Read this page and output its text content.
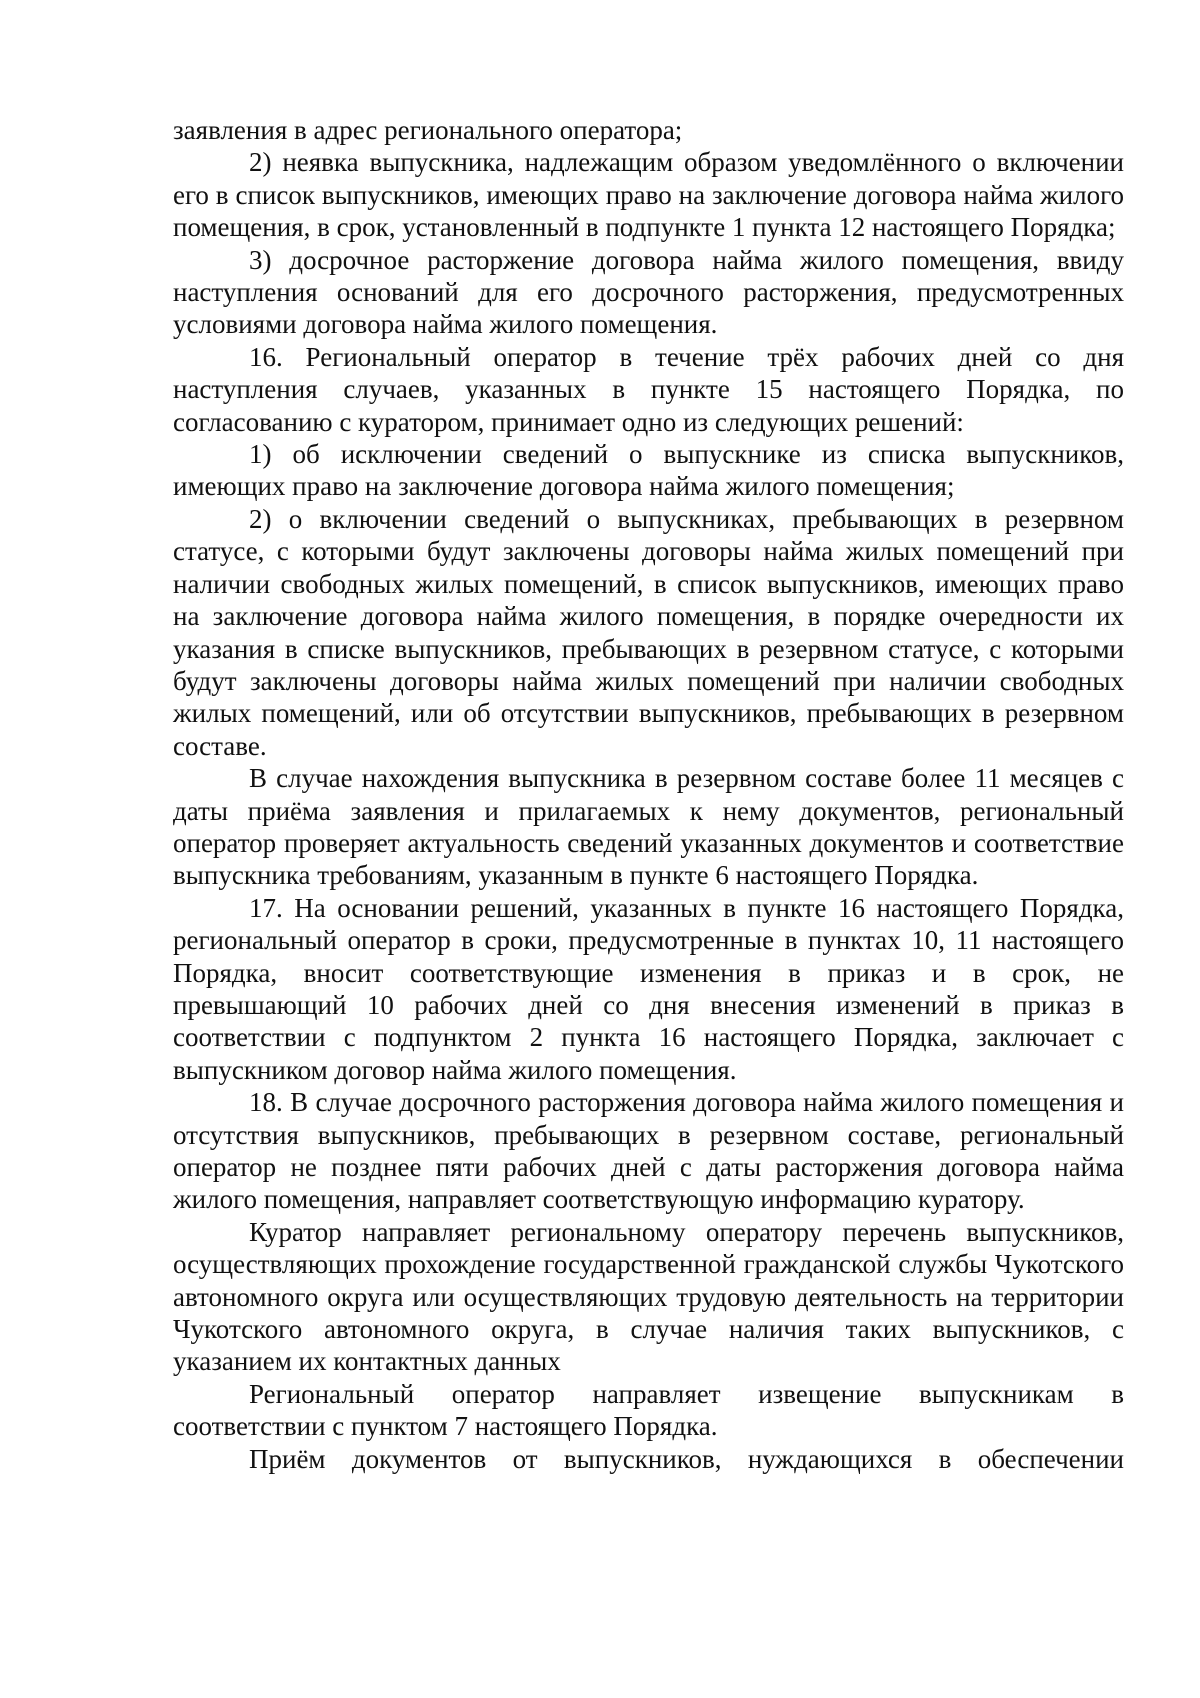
заявления в адрес регионального оператора;

2) неявка выпускника, надлежащим образом уведомлённого о включении его в список выпускников, имеющих право на заключение договора найма жилого помещения, в срок, установленный в подпункте 1 пункта 12 настоящего Порядка;

3) досрочное расторжение договора найма жилого помещения, ввиду наступления оснований для его досрочного расторжения, предусмотренных условиями договора найма жилого помещения.

16. Региональный оператор в течение трёх рабочих дней со дня наступления случаев, указанных в пункте 15 настоящего Порядка, по согласованию с куратором, принимает одно из следующих решений:

1) об исключении сведений о выпускнике из списка выпускников, имеющих право на заключение договора найма жилого помещения;

2) о включении сведений о выпускниках, пребывающих в резервном статусе, с которыми будут заключены договоры найма жилых помещений при наличии свободных жилых помещений, в список выпускников, имеющих право на заключение договора найма жилого помещения, в порядке очередности их указания в списке выпускников, пребывающих в резервном статусе, с которыми будут заключены договоры найма жилых помещений при наличии свободных жилых помещений, или об отсутствии выпускников, пребывающих в резервном составе.

В случае нахождения выпускника в резервном составе более 11 месяцев с даты приёма заявления и прилагаемых к нему документов, региональный оператор проверяет актуальность сведений указанных документов и соответствие выпускника требованиям, указанным в пункте 6 настоящего Порядка.

17. На основании решений, указанных в пункте 16 настоящего Порядка, региональный оператор в сроки, предусмотренные в пунктах 10, 11 настоящего Порядка, вносит соответствующие изменения в приказ и в срок, не превышающий 10 рабочих дней со дня внесения изменений в приказ в соответствии с подпунктом 2 пункта 16 настоящего Порядка, заключает с выпускником договор найма жилого помещения.

18. В случае досрочного расторжения договора найма жилого помещения и отсутствия выпускников, пребывающих в резервном составе, региональный оператор не позднее пяти рабочих дней с даты расторжения договора найма жилого помещения, направляет соответствующую информацию куратору.

Куратор направляет региональному оператору перечень выпускников, осуществляющих прохождение государственной гражданской службы Чукотского автономного округа или осуществляющих трудовую деятельность на территории Чукотского автономного округа, в случае наличия таких выпускников, с указанием их контактных данных

Региональный оператор направляет извещение выпускникам в соответствии с пунктом 7 настоящего Порядка.

Приём документов от выпускников, нуждающихся в обеспечении
